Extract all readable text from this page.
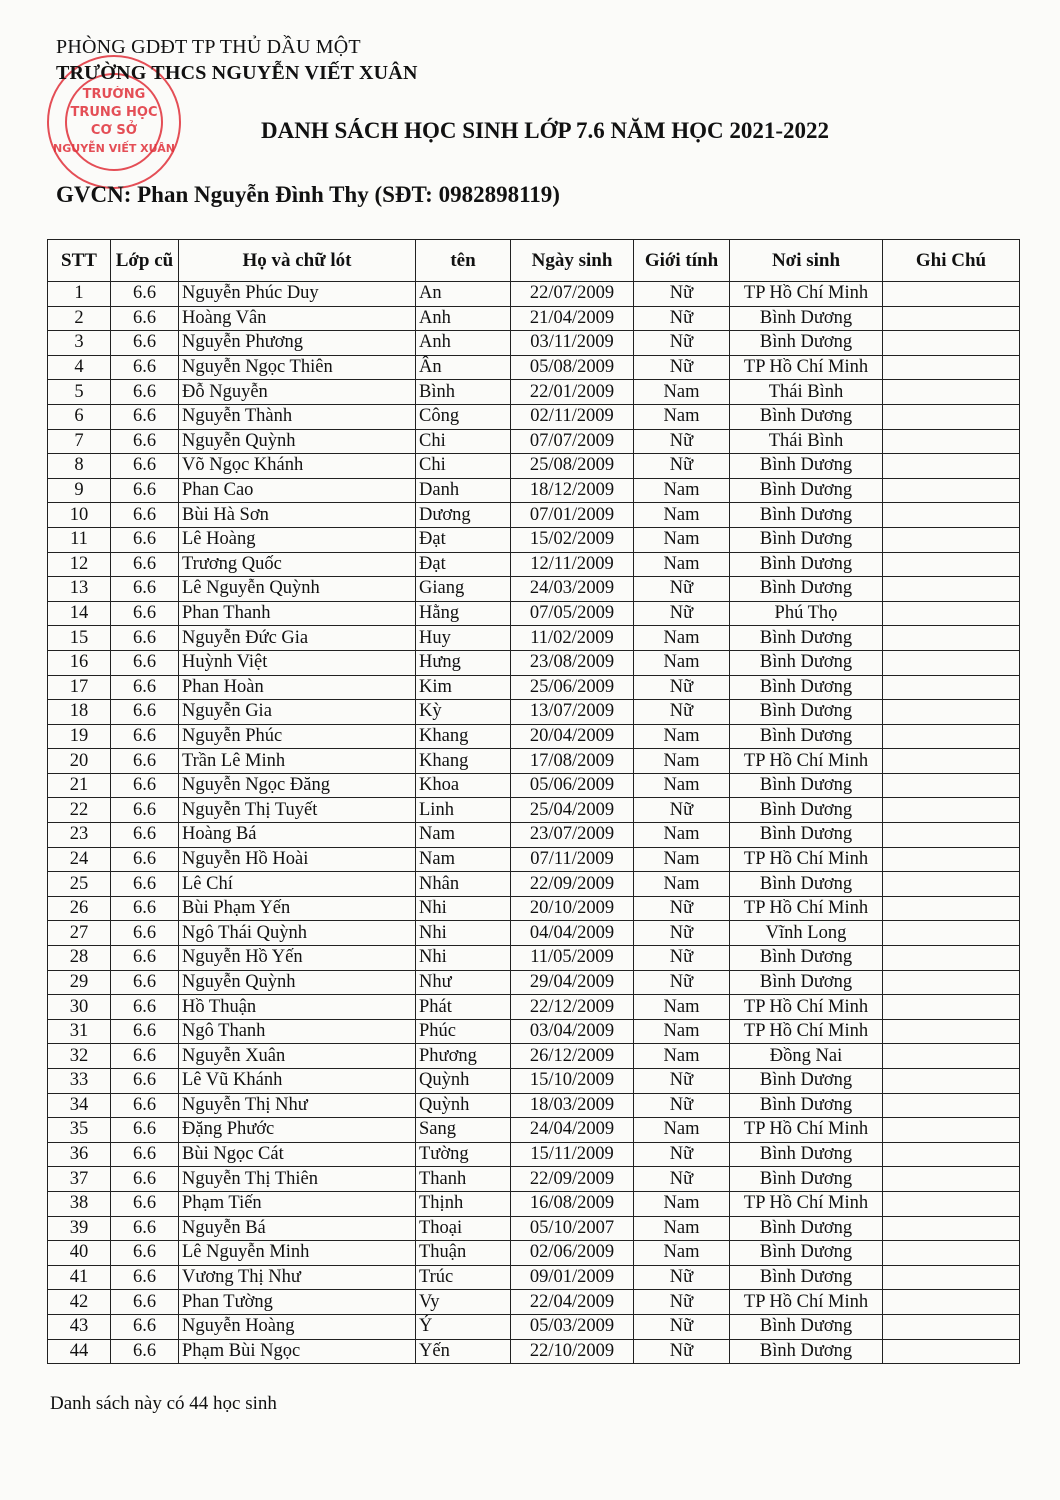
TRƯỜNG
TRUNG HỌC
CƠ SỞ
NGUYỄN VIẾT XUÂN
PHÒNG GDĐT TP THỦ DẦU MỘT
TRƯỜNG THCS NGUYỄN VIẾT XUÂN
DANH SÁCH HỌC SINH LỚP 7.6 NĂM HỌC 2021-2022
GVCN: Phan Nguyễn Đình Thy (SĐT: 0982898119)
STT	Lớp cũ	Họ và chữ lót	tên	Ngày sinh	Giới tính	Nơi sinh	Ghi Chú
1	6.6	Nguyễn Phúc Duy	An	22/07/2009	Nữ	TP Hồ Chí Minh	
2	6.6	Hoàng Vân	Anh	21/04/2009	Nữ	Bình Dương	
3	6.6	Nguyễn Phương	Anh	03/11/2009	Nữ	Bình Dương	
4	6.6	Nguyễn Ngọc Thiên	Ân	05/08/2009	Nữ	TP Hồ Chí Minh	
5	6.6	Đỗ Nguyễn	Bình	22/01/2009	Nam	Thái Bình	
6	6.6	Nguyễn Thành	Công	02/11/2009	Nam	Bình Dương	
7	6.6	Nguyễn Quỳnh	Chi	07/07/2009	Nữ	Thái Bình	
8	6.6	Võ Ngọc Khánh	Chi	25/08/2009	Nữ	Bình Dương	
9	6.6	Phan Cao	Danh	18/12/2009	Nam	Bình Dương	
10	6.6	Bùi Hà Sơn	Dương	07/01/2009	Nam	Bình Dương	
11	6.6	Lê Hoàng	Đạt	15/02/2009	Nam	Bình Dương	
12	6.6	Trương Quốc	Đạt	12/11/2009	Nam	Bình Dương	
13	6.6	Lê Nguyễn Quỳnh	Giang	24/03/2009	Nữ	Bình Dương	
14	6.6	Phan Thanh	Hằng	07/05/2009	Nữ	Phú Thọ	
15	6.6	Nguyễn Đức Gia	Huy	11/02/2009	Nam	Bình Dương	
16	6.6	Huỳnh Việt	Hưng	23/08/2009	Nam	Bình Dương	
17	6.6	Phan Hoàn	Kim	25/06/2009	Nữ	Bình Dương	
18	6.6	Nguyễn Gia	Kỳ	13/07/2009	Nữ	Bình Dương	
19	6.6	Nguyễn Phúc	Khang	20/04/2009	Nam	Bình Dương	
20	6.6	Trần Lê Minh	Khang	17/08/2009	Nam	TP Hồ Chí Minh	
21	6.6	Nguyễn Ngọc Đăng	Khoa	05/06/2009	Nam	Bình Dương	
22	6.6	Nguyễn Thị Tuyết	Linh	25/04/2009	Nữ	Bình Dương	
23	6.6	Hoàng Bá	Nam	23/07/2009	Nam	Bình Dương	
24	6.6	Nguyễn Hồ Hoài	Nam	07/11/2009	Nam	TP Hồ Chí Minh	
25	6.6	Lê Chí	Nhân	22/09/2009	Nam	Bình Dương	
26	6.6	Bùi Phạm Yến	Nhi	20/10/2009	Nữ	TP Hồ Chí Minh	
27	6.6	Ngô Thái Quỳnh	Nhi	04/04/2009	Nữ	Vĩnh Long	
28	6.6	Nguyễn Hồ Yến	Nhi	11/05/2009	Nữ	Bình Dương	
29	6.6	Nguyễn Quỳnh	Như	29/04/2009	Nữ	Bình Dương	
30	6.6	Hồ Thuận	Phát	22/12/2009	Nam	TP Hồ Chí Minh	
31	6.6	Ngô Thanh	Phúc	03/04/2009	Nam	TP Hồ Chí Minh	
32	6.6	Nguyễn Xuân	Phương	26/12/2009	Nam	Đồng Nai	
33	6.6	Lê Vũ Khánh	Quỳnh	15/10/2009	Nữ	Bình Dương	
34	6.6	Nguyễn Thị Như	Quỳnh	18/03/2009	Nữ	Bình Dương	
35	6.6	Đặng Phước	Sang	24/04/2009	Nam	TP Hồ Chí Minh	
36	6.6	Bùi Ngọc Cát	Tường	15/11/2009	Nữ	Bình Dương	
37	6.6	Nguyễn Thị Thiên	Thanh	22/09/2009	Nữ	Bình Dương	
38	6.6	Phạm Tiến	Thịnh	16/08/2009	Nam	TP Hồ Chí Minh	
39	6.6	Nguyễn Bá	Thoại	05/10/2007	Nam	Bình Dương	
40	6.6	Lê Nguyễn Minh	Thuận	02/06/2009	Nam	Bình Dương	
41	6.6	Vương Thị Như	Trúc	09/01/2009	Nữ	Bình Dương	
42	6.6	Phan Tường	Vy	22/04/2009	Nữ	TP Hồ Chí Minh	
43	6.6	Nguyễn Hoàng	Ý	05/03/2009	Nữ	Bình Dương	
44	6.6	Phạm Bùi Ngọc	Yến	22/10/2009	Nữ	Bình Dương	
Danh sách này có 44 học sinh
